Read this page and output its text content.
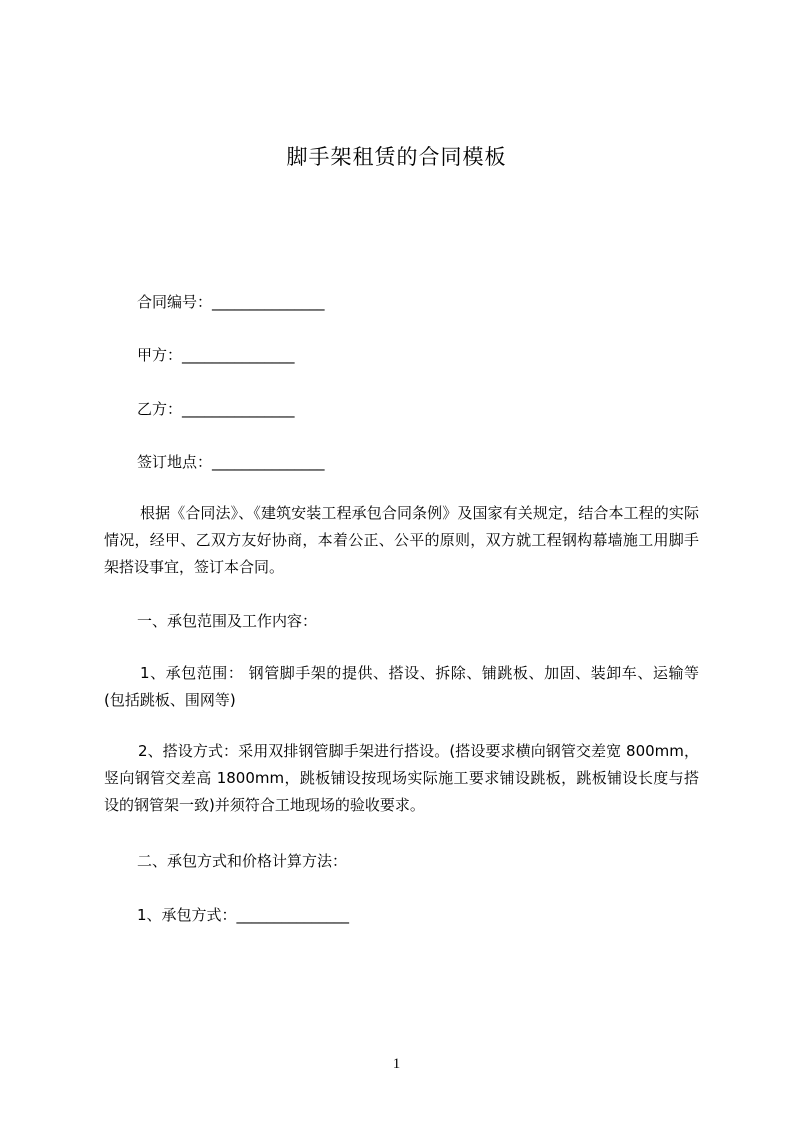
脚手架租赁的合同模板
合同编号：_______________
甲方：_______________
乙方：_______________
签订地点：_______________

根据《合同法》、《建筑安装工程承包合同条例》及国家有关规定，结合本工程的实际情况，经甲、乙双方友好协商，本着公正、公平的原则，双方就工程钢构幕墙施工用脚手架搭设事宜，签订本合同。

一、承包范围及工作内容：

1、承包范围： 钢管脚手架的提供、搭设、拆除、铺跳板、加固、装卸车、运输等(包括跳板、围网等)

2、搭设方式：采用双排钢管脚手架进行搭设。(搭设要求横向钢管交差宽 800mm，竖向钢管交差高 1800mm，跳板铺设按现场实际施工要求铺设跳板，跳板铺设长度与搭设的钢管架一致)并须符合工地现场的验收要求。

二、承包方式和价格计算方法：
1、承包方式：_______________
1
